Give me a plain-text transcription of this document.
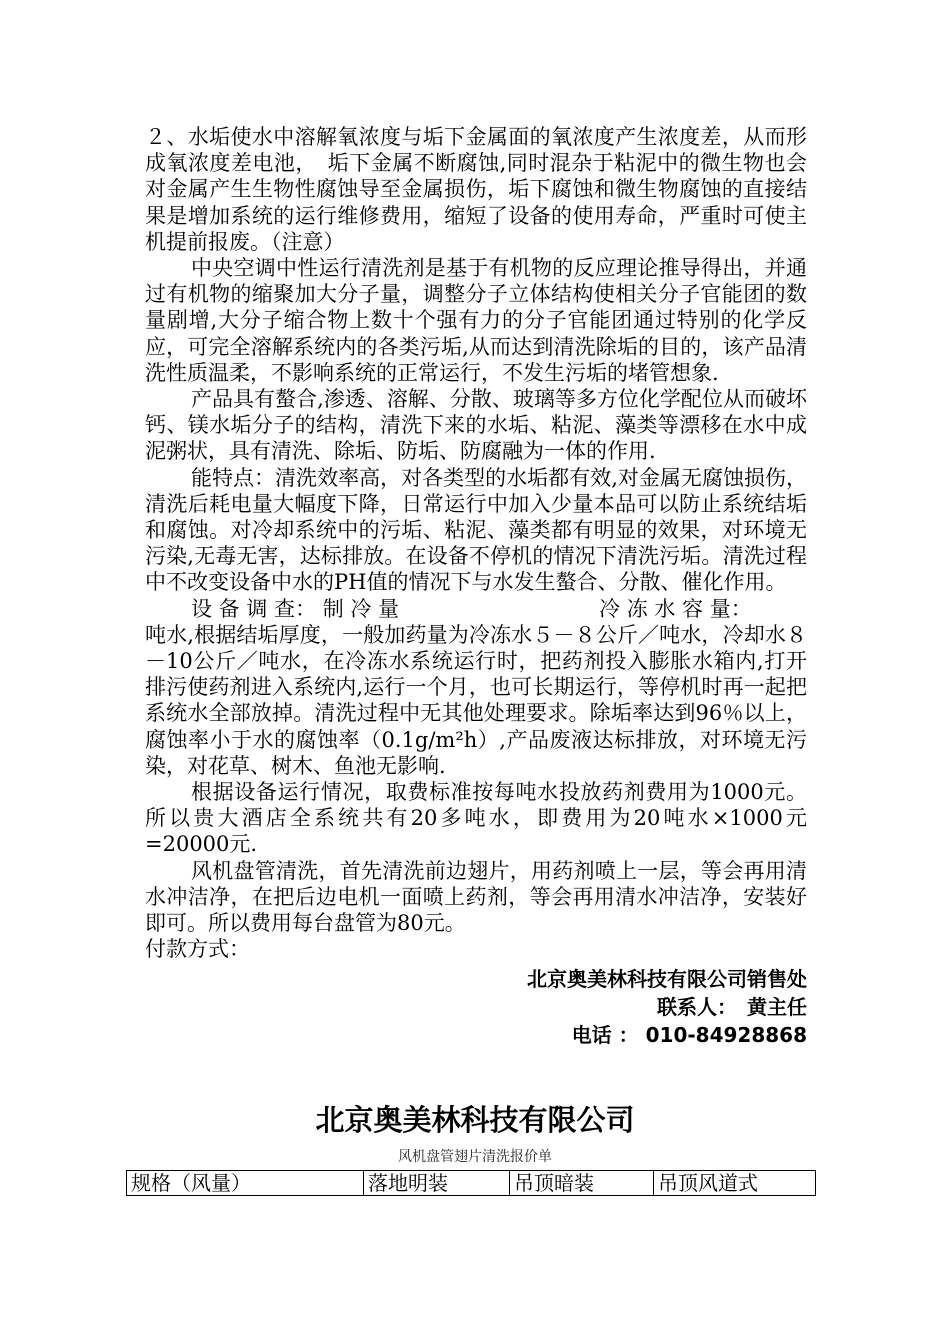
２、水垢使水中溶解氧浓度与垢下金属面的氧浓度产生浓度差，从而形成氧浓度差电池，　垢下金属不断腐蚀,同时混杂于粘泥中的微生物也会对金属产生生物性腐蚀导至金属损伤，垢下腐蚀和微生物腐蚀的直接结果是增加系统的运行维修费用，缩短了设备的使用寿命，严重时可使主机提前报废。（注意）

中央空调中性运行清洗剂是基于有机物的反应理论推导得出，并通过有机物的缩聚加大分子量，调整分子立体结构使相关分子官能团的数量剧增,大分子缩合物上数十个强有力的分子官能团通过特别的化学反应，可完全溶解系统内的各类污垢,从而达到清洗除垢的目的，该产品清洗性质温柔，不影响系统的正常运行，不发生污垢的堵管想象.

产品具有螯合,渗透、溶解、分散、玻璃等多方位化学配位从而破坏钙、镁水垢分子的结构，清洗下来的水垢、粘泥、藻类等漂移在水中成泥粥状，具有清洗、除垢、防垢、防腐融为一体的作用.

能特点：清洗效率高，对各类型的水垢都有效,对金属无腐蚀损伤，清洗后耗电量大幅度下降，日常运行中加入少量本品可以防止系统结垢和腐蚀。对冷却系统中的污垢、粘泥、藻类都有明显的效果，对环境无污染,无毒无害，达标排放。在设备不停机的情况下清洗污垢。清洗过程中不改变设备中水的PH值的情况下与水发生螯合、分散、催化作用。

设 备 调 查： 制 冷 量	冷 冻 水 容 量：

吨水,根据结垢厚度，一般加药量为冷冻水５－８公斤／吨水，冷却水８－10公斤／吨水，在冷冻水系统运行时，把药剂投入膨胀水箱内,打开排污使药剂进入系统内,运行一个月，也可长期运行，等停机时再一起把系统水全部放掉。清洗过程中无其他处理要求。除垢率达到96％以上，腐蚀率小于水的腐蚀率（0.1g/m²h）,产品废液达标排放，对环境无污染，对花草、树木、鱼池无影响.

根据设备运行情况，取费标准按每吨水投放药剂费用为1000元。所以贵大酒店全系统共有20多吨水，即费用为20吨水×1000元=20000元.

风机盘管清洗，首先清洗前边翅片，用药剂喷上一层，等会再用清水冲洁净，在把后边电机一面喷上药剂，等会再用清水冲洁净，安装好即可。所以费用每台盘管为80元。

付款方式：

北京奥美林科技有限公司销售处
联系人：　黄主任
电话 ： 010-84928868
北京奥美林科技有限公司
风机盘管翅片清洗报价单
规格（风量）	落地明装	吊顶暗装	吊顶风道式
